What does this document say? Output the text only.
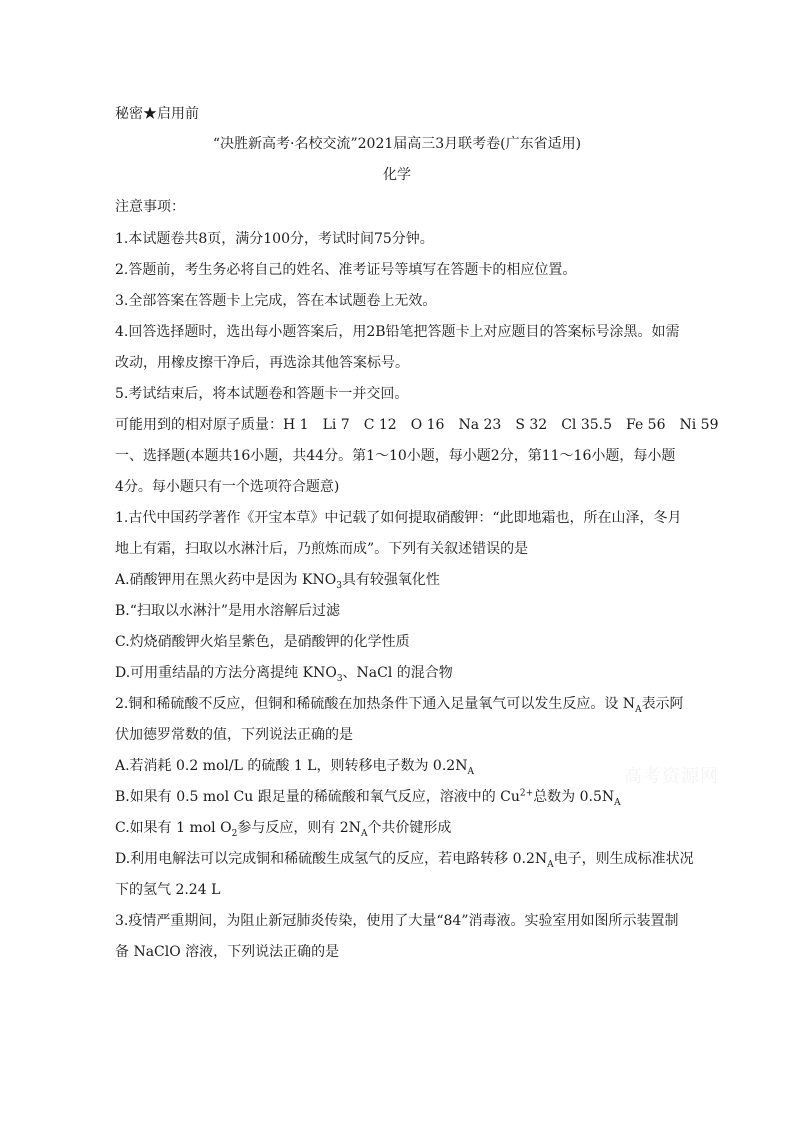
秘密★启用前
“决胜新高考·名校交流”2021届高三3月联考卷(广东省适用)
化学
注意事项：
1.本试题卷共8页，满分100分，考试时间75分钟。
2.答题前，考生务必将自己的姓名、准考证号等填写在答题卡的相应位置。
3.全部答案在答题卡上完成，答在本试题卷上无效。
4.回答选择题时，选出每小题答案后，用2B铅笔把答题卡上对应题目的答案标号涂黑。如需
改动，用橡皮擦干净后，再选涂其他答案标号。
5.考试结束后，将本试题卷和答题卡一并交回。
可能用到的相对原子质量：H 1 Li 7 C 12 O 16 Na 23 S 32 Cl 35.5 Fe 56 Ni 59
一、选择题(本题共16小题，共44分。第1～10小题，每小题2分，第11～16小题，每小题
4分。每小题只有一个选项符合题意)
1.古代中国药学著作《开宝本草》中记载了如何提取硝酸钾：“此即地霜也，所在山泽，冬月
地上有霜，扫取以水淋汁后，乃煎炼而成”。下列有关叙述错误的是
A.硝酸钾用在黑火药中是因为 $KNO_3$具有较强氧化性
B.“扫取以水淋汁”是用水溶解后过滤
C.灼烧硝酸钾火焰呈紫色，是硝酸钾的化学性质
D.可用重结晶的方法分离提纯 $KNO_3$、NaCl 的混合物
2.铜和稀硫酸不反应，但铜和稀硫酸在加热条件下通入足量氧气可以发生反应。设 $N_A$表示阿
伏加德罗常数的值，下列说法正确的是
A.若消耗 0.2 mol/L 的硫酸 1 L，则转移电子数为 $0.2N_A$
B.如果有 0.5 mol Cu 跟足量的稀硫酸和氧气反应，溶液中的 $Cu^{2+}$总数为 $0.5N_A$
C.如果有 1 mol $O_2$参与反应，则有 $2N_A$个共价键形成
D.利用电解法可以完成铜和稀硫酸生成氢气的反应，若电路转移 $0.2N_A$电子，则生成标准状况
下的氢气 2.24 L
3.疫情严重期间，为阻止新冠肺炎传染，使用了大量“84”消毒液。实验室用如图所示装置制
备 NaClO 溶液，下列说法正确的是
高考资源网
